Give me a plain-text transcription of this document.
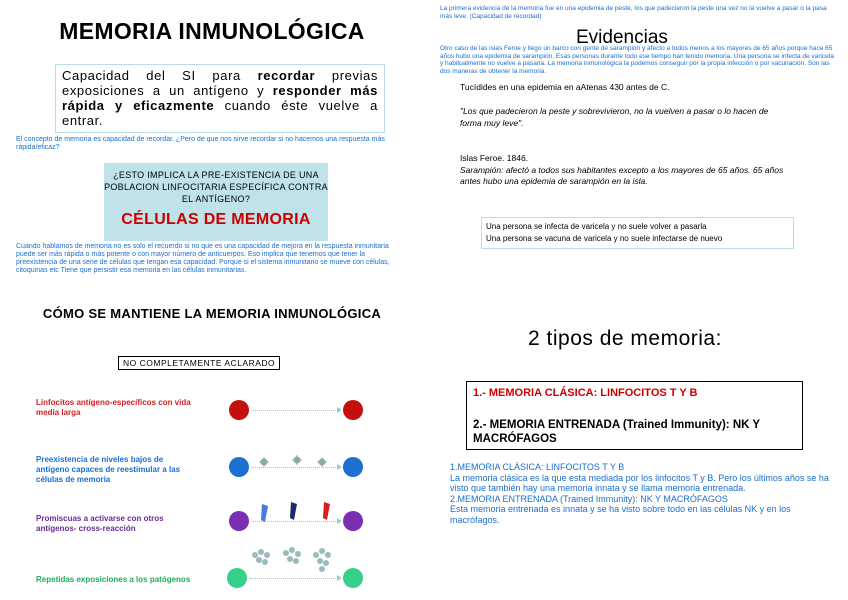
MEMORIA INMUNOLÓGICA
Capacidad del SI para recordar previas exposiciones a un antígeno y responder más rápida y eficazmente cuando éste vuelve a entrar.
El concepto de memoria es capacidad de recordar. ¿Pero de que nos sirve recordar si no hacemos una respuesta más rápida/eficaz?
¿ESTO IMPLICA LA PRE-EXISTENCIA DE UNA POBLACION LINFOCITARIA ESPECÍFICA CONTRA EL ANTÍGENO?
CÉLULAS DE MEMORIA
Cuando hablamos de memoria no es solo el recuerdo si no que es una capacidad de mejora en la respuesta inmunitaria puede ser más rápida o más potente o con mayor número de anticuerpos. Eso implica que tenemos que tener la preexistencia de una serie de células que tengan esa capacidad. Porque si el sistema inmunitario se mueve con células, citoquinas etc Tiene que persistir esa memoria en las células inmunitarias.
CÓMO SE MANTIENE LA MEMORIA INMUNOLÓGICA
NO COMPLETAMENTE ACLARADO
Linfocitos antígeno-específicos con vida media larga
Preexistencia de niveles bajos de antígeno capaces de reestimular a las células de memoria
Promiscuas a activarse con otros antígenos- cross-reacción
Repetidas exposiciones a los patógenos
La primera evidencia de la memoria fue en una epidemia de peste, los que padecieron la peste una vez no la vuelve a pasar o la pasa más leve. (Capacidad de recordad)
Evidencias
Otro caso de las islas Feroe y llego un barco con gente de sarampión y afecto a todos menos a los mayores de 65 años porque hace 65 años hubo una epidemia de sarampión. Esas personas durante todo ese tiempo han tenido memoria. Una persona se infecta de varicela y habitualmente no vuelve a pasarla. La memoria inmunológica la podemos conseguir por la propia infección o por vacunación. Son las dos maneras de obtener la memoria.
Tucídides en una epidemia en aAtenas 430 antes de C.
"Los que padecieron la peste y sobrevivieron, no la vuelven a pasar o lo hacen de forma muy leve".
Islas Feroe. 1846.
Sarampión: afectó a todos sus habitantes excepto a los mayores de 65 años. 65 años antes hubo una epidemia de sarampión en la isla.
Una persona se infecta de varicela y no suele volver a pasarla
Una persona se vacuna de varicela y no suele infectarse de nuevo
2 tipos de memoria:
1.- MEMORIA CLÁSICA: LINFOCITOS T Y B
2.- MEMORIA ENTRENADA (Trained Immunity): NK Y MACRÓFAGOS
1.MEMORIA CLÁSICA: LINFOCITOS T Y B
La memoria clásica es la que esta mediada por los linfocitos T y B. Pero los últimos años se ha visto que también hay una memoria innata y se llama memoria entrenada.
2.MEMORIA ENTRENADA (Trained Immunity): NK Y MACRÓFAGOS
Esta memoria entrenada es innata y se ha visto sobre todo en las células NK y en los macrófagos.
